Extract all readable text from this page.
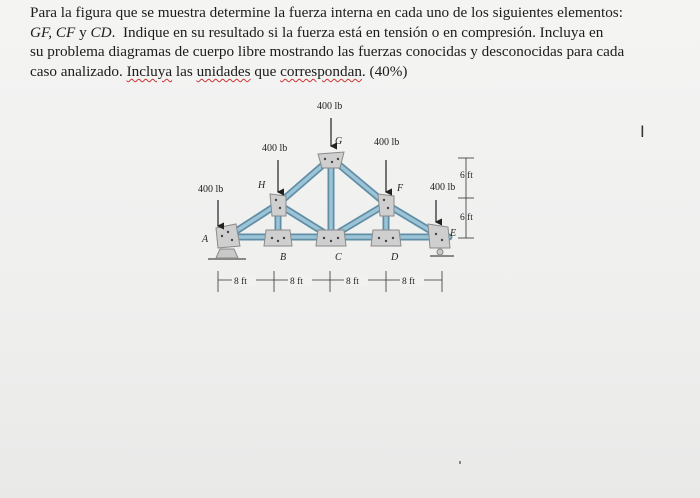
Para la figura que se muestra determine la fuerza interna en cada uno de los siguientes elementos:

GF, CF y CD.  Indique en su resultado si la fuerza está en tensión o en compresión. Incluya en

su problema diagramas de cuerpo libre mostrando las fuerzas conocidas y desconocidas para cada

caso analizado. Incluya las unidades que correspondan. (40%)

400 lb
400 lb
400 lb
400 lb	400 lb
A
B	C	D
E
F
G
H
8 ft	8 ft	8 ft	8 ft
6 ft
6 ft
I
